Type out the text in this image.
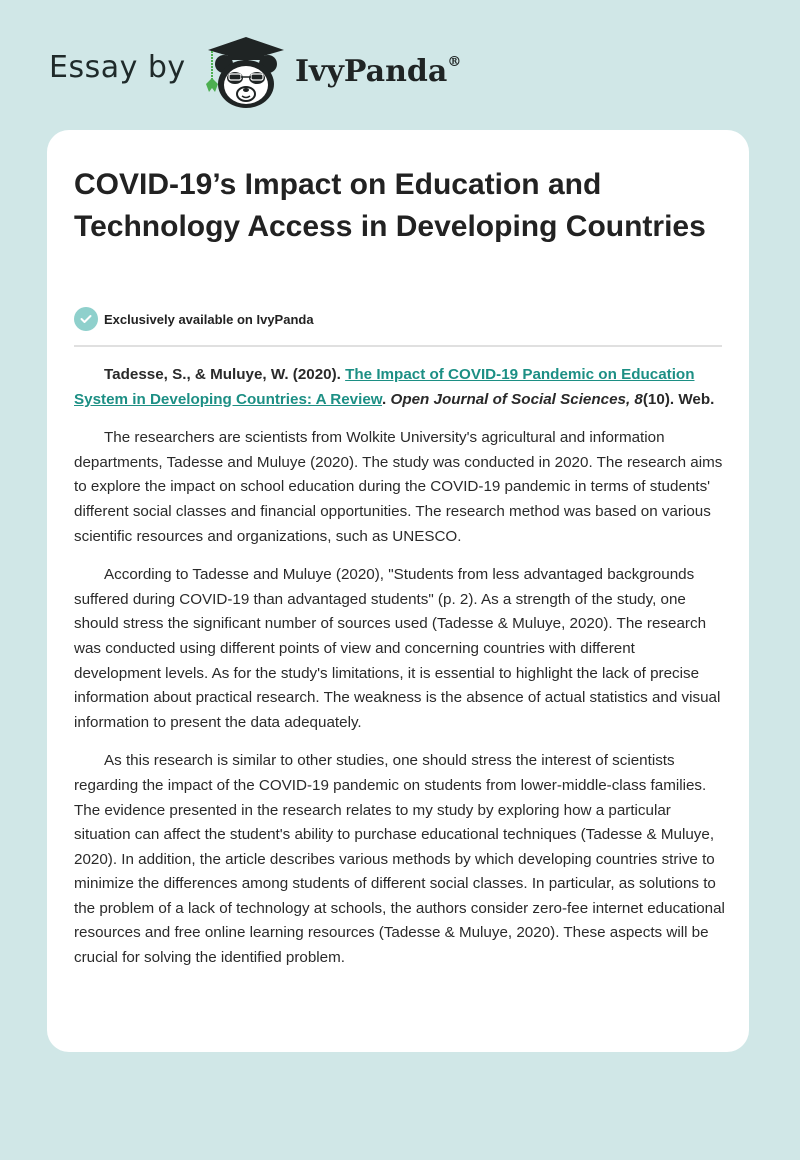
Essay by	IvyPanda®
COVID-19’s Impact on Education and Technology Access in Developing Countries
Exclusively available on IvyPanda

Tadesse, S., & Muluye, W. (2020). The Impact of COVID-19 Pandemic on Education System in Developing Countries: A Review. Open Journal of Social Sciences, 8(10). Web.

The researchers are scientists from Wolkite University's agricultural and information departments, Tadesse and Muluye (2020). The study was conducted in 2020. The research aims to explore the impact on school education during the COVID-19 pandemic in terms of students' different social classes and financial opportunities. The research method was based on various scientific resources and organizations, such as UNESCO.

According to Tadesse and Muluye (2020), "Students from less advantaged backgrounds suffered during COVID-19 than advantaged students" (p. 2). As a strength of the study, one should stress the significant number of sources used (Tadesse & Muluye, 2020). The research was conducted using different points of view and concerning countries with different development levels. As for the study's limitations, it is essential to highlight the lack of precise information about practical research. The weakness is the absence of actual statistics and visual information to present the data adequately.

As this research is similar to other studies, one should stress the interest of scientists regarding the impact of the COVID-19 pandemic on students from lower-middle-class families. The evidence presented in the research relates to my study by exploring how a particular situation can affect the student's ability to purchase educational techniques (Tadesse & Muluye, 2020). In addition, the article describes various methods by which developing countries strive to minimize the differences among students of different social classes. In particular, as solutions to the problem of a lack of technology at schools, the authors consider zero-fee internet educational resources and free online learning resources (Tadesse & Muluye, 2020). These aspects will be crucial for solving the identified problem.
